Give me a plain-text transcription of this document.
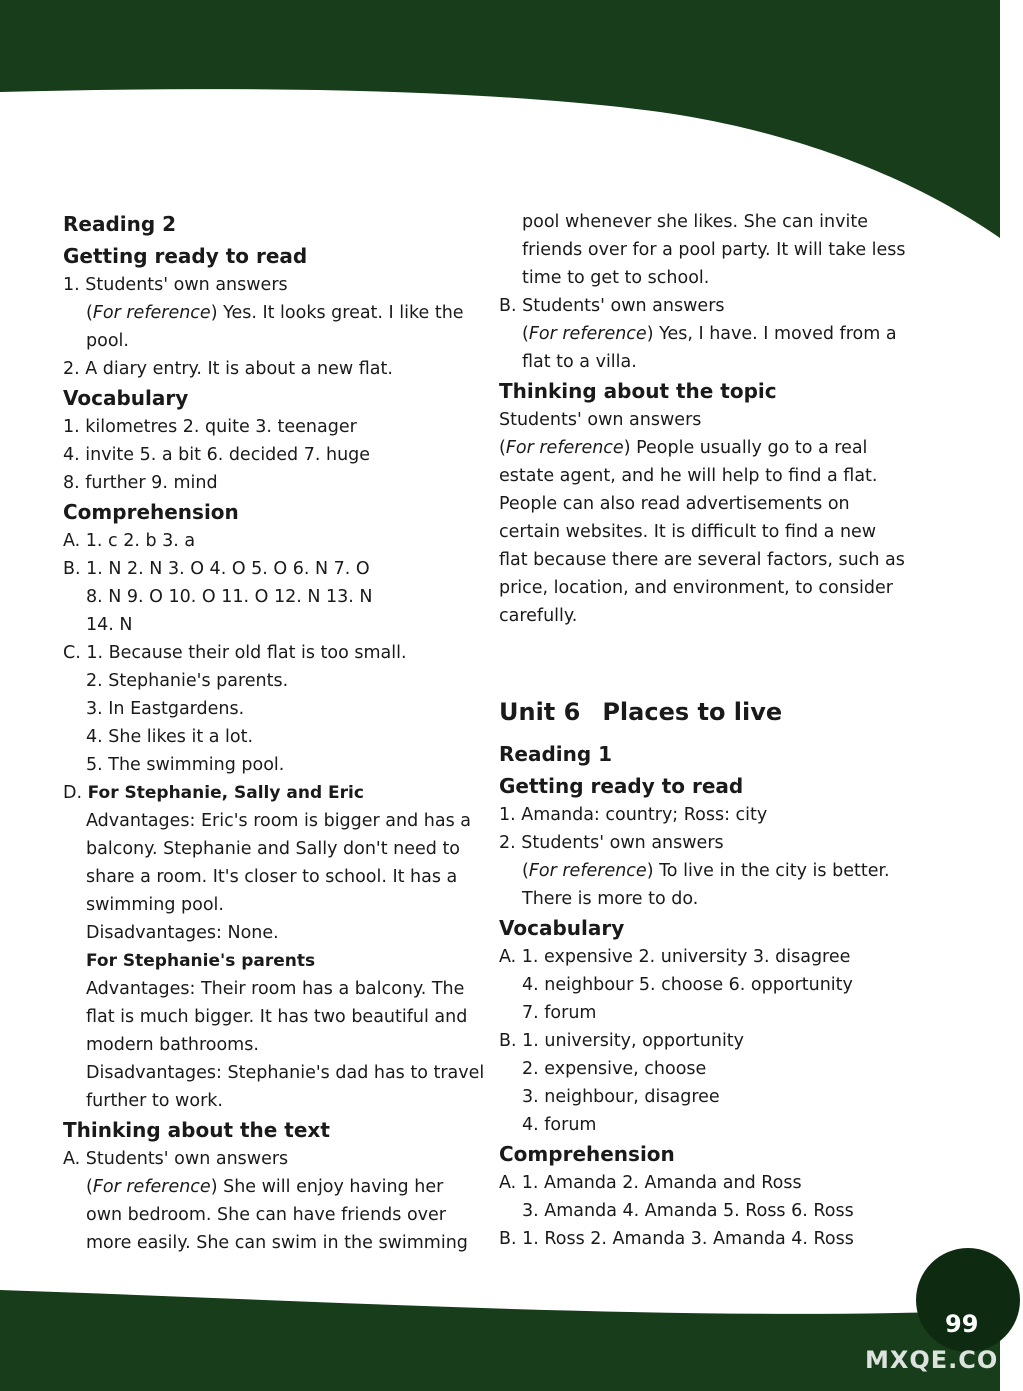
Reading 2
Getting ready to read
1. Students' own answers
(For reference) Yes. It looks great. I like the
pool.
2. A diary entry. It is about a new flat.
Vocabulary
1. kilometres 2. quite 3. teenager
4. invite 5. a bit 6. decided 7. huge
8. further 9. mind
Comprehension
A. 1. c 2. b 3. a
B. 1. N 2. N 3. O 4. O 5. O 6. N 7. O
8. N 9. O 10. O 11. O 12. N 13. N
14. N
C. 1. Because their old flat is too small.
2. Stephanie's parents.
3. In Eastgardens.
4. She likes it a lot.
5. The swimming pool.
D. For Stephanie, Sally and Eric
Advantages: Eric's room is bigger and has a
balcony. Stephanie and Sally don't need to
share a room. It's closer to school. It has a
swimming pool.
Disadvantages: None.
For Stephanie's parents
Advantages: Their room has a balcony. The
flat is much bigger. It has two beautiful and
modern bathrooms.
Disadvantages: Stephanie's dad has to travel
further to work.
Thinking about the text
A. Students' own answers
(For reference) She will enjoy having her
own bedroom. She can have friends over
more easily. She can swim in the swimming
pool whenever she likes. She can invite
friends over for a pool party. It will take less
time to get to school.
B. Students' own answers
(For reference) Yes, I have. I moved from a
flat to a villa.
Thinking about the topic
Students' own answers
(For reference) People usually go to a real
estate agent, and he will help to find a flat.
People can also read advertisements on
certain websites. It is difficult to find a new
flat because there are several factors, such as
price, location, and environment, to consider
carefully.
Unit 6 Places to live
Reading 1
Getting ready to read
1. Amanda: country; Ross: city
2. Students' own answers
(For reference) To live in the city is better.
There is more to do.
Vocabulary
A. 1. expensive 2. university 3. disagree
4. neighbour 5. choose 6. opportunity
7. forum
B. 1. university, opportunity
2. expensive, choose
3. neighbour, disagree
4. forum
Comprehension
A. 1. Amanda 2. Amanda and Ross
3. Amanda 4. Amanda 5. Ross 6. Ross
B. 1. Ross 2. Amanda 3. Amanda 4. Ross
99
MXQE.COM
